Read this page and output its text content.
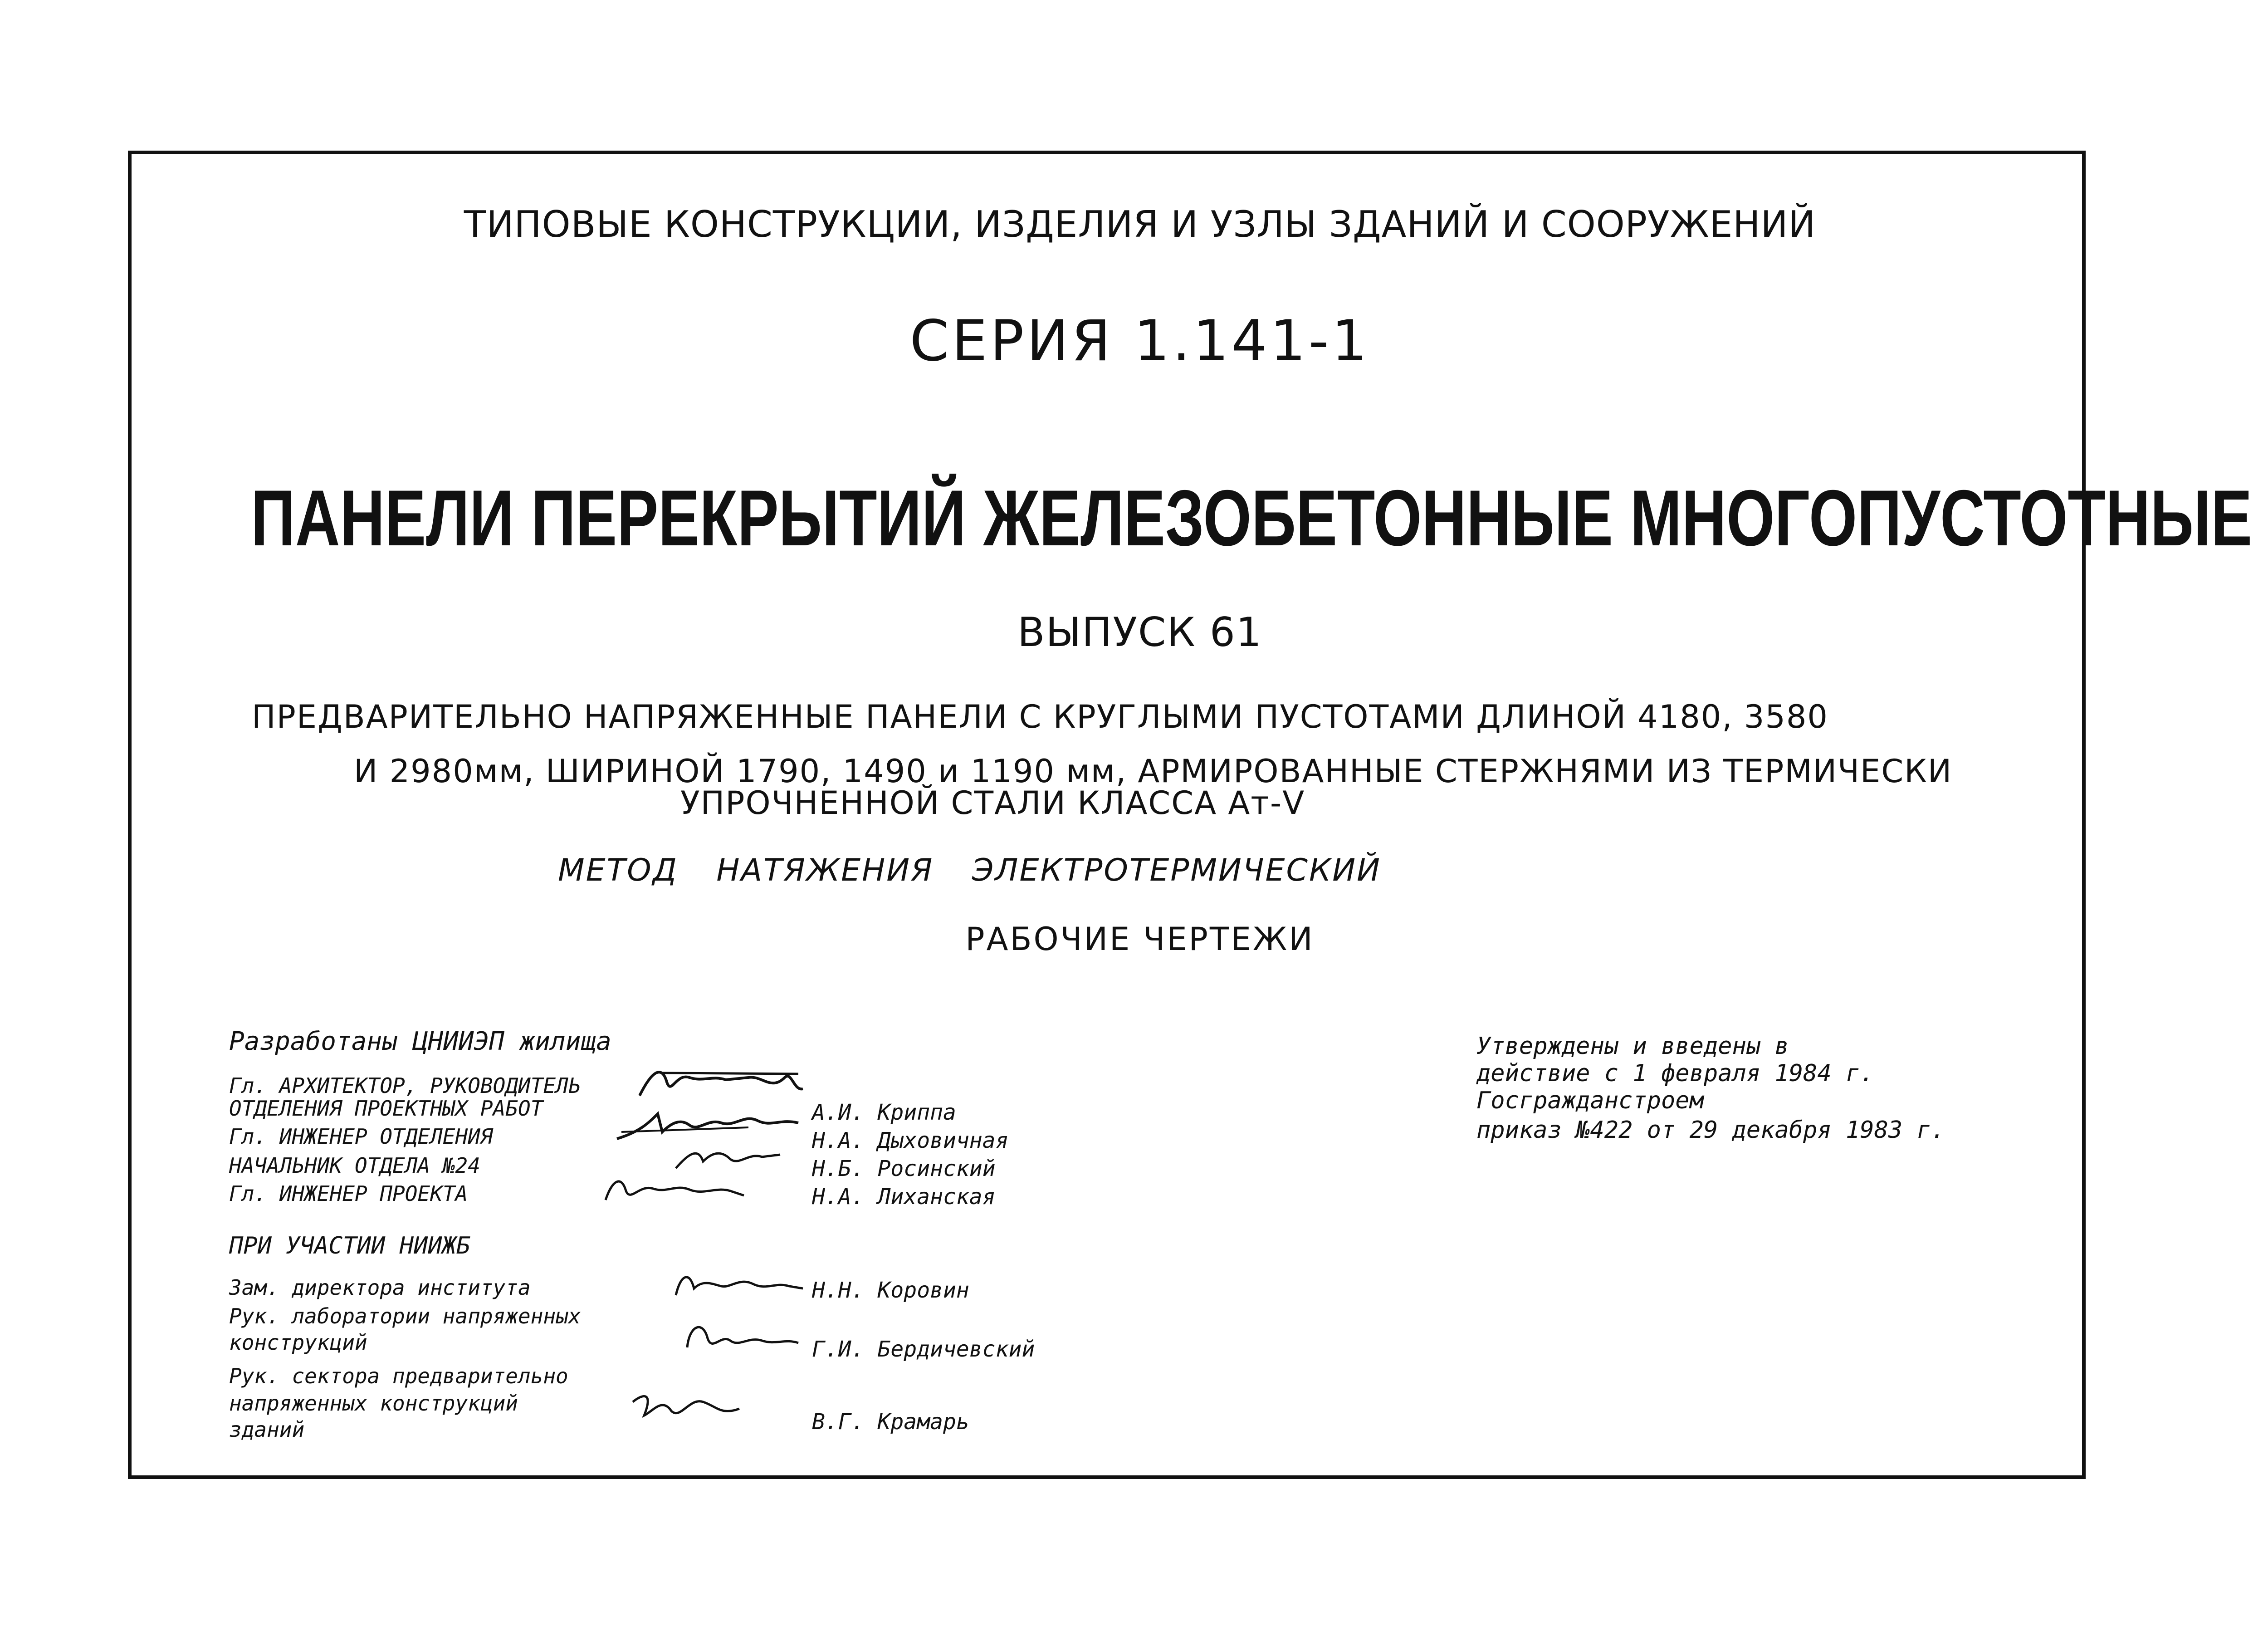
ТИПОВЫЕ КОНСТРУКЦИИ, ИЗДЕЛИЯ И УЗЛЫ ЗДАНИЙ И СООРУЖЕНИЙ
СЕРИЯ 1.141-1
ПАНЕЛИ ПЕРЕКРЫТИЙ ЖЕЛЕЗОБЕТОННЫЕ МНОГОПУСТОТНЫЕ
ВЫПУСК 61
ПРЕДВАРИТЕЛЬНО НАПРЯЖЕННЫЕ ПАНЕЛИ С КРУГЛЫМИ ПУСТОТАМИ ДЛИНОЙ 4180, 3580
И 2980мм, ШИРИНОЙ 1790, 1490 и 1190 мм, АРМИРОВАННЫЕ СТЕРЖНЯМИ ИЗ ТЕРМИЧЕСКИ
УПРОЧНЕННОЙ СТАЛИ КЛАССА Ат-V
МЕТОД НАТЯЖЕНИЯ ЭЛЕКТРОТЕРМИЧЕСКИЙ
РАБОЧИЕ ЧЕРТЕЖИ
Разработаны ЦНИИЭП жилища
Гл. АРХИТЕКТОР, РУКОВОДИТЕЛЬ
ОТДЕЛЕНИЯ ПРОЕКТНЫХ РАБОТ
Гл. ИНЖЕНЕР ОТДЕЛЕНИЯ
НАЧАЛЬНИК ОТДЕЛА №24
Гл. ИНЖЕНЕР ПРОЕКТА
А.И. Криппа
Н.А. Дыховичная
Н.Б. Росинский
Н.А. Лиханская
ПРИ УЧАСТИИ НИИЖБ
Зам. директора института
Рук. лаборатории напряженных
конструкций
Рук. сектора предварительно
напряженных конструкций
зданий
Н.Н. Коровин
Г.И. Бердичевский
В.Г. Крамарь
Утверждены и введены в
действие с 1 февраля 1984 г.
Госгражданстроем
приказ №422 от 29 декабря 1983 г.
